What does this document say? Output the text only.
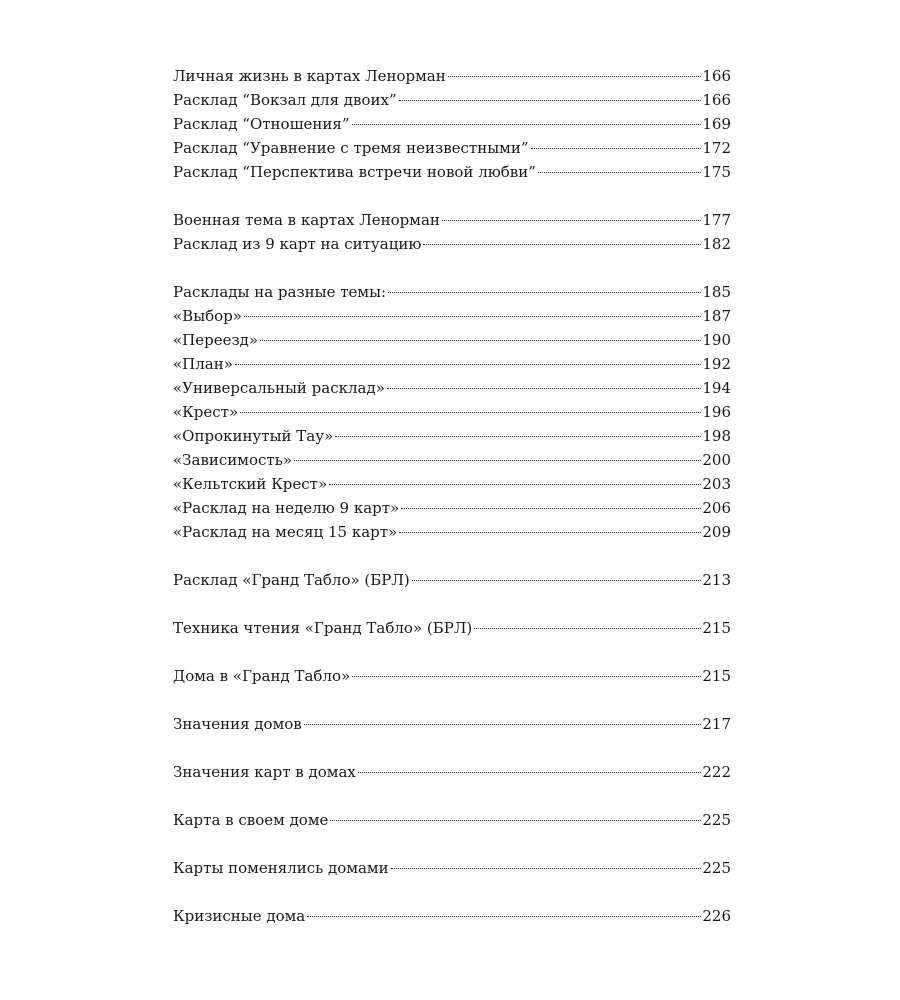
Личная жизнь в картах Ленорман	166
Расклад “Вокзал для двоих”	166
Расклад “Отношения”	169
Расклад “Уравнение с тремя неизвестными”	172
Расклад “Перспектива встречи новой любви”	175
Военная тема в картах Ленорман	177
Расклад из 9 карт на ситуацию	182
Расклады на разные темы:	185
«Выбор»	187
«Переезд»	190
«План»	192
«Универсальный расклад»	194
«Крест»	196
«Опрокинутый Тау»	198
«Зависимость»	200
«Кельтский Крест»	203
«Расклад на неделю 9 карт»	206
«Расклад на месяц 15 карт»	209
Расклад «Гранд Табло» (БРЛ)	213
Техника чтения «Гранд Табло» (БРЛ)	215
Дома в «Гранд Табло»	215
Значения домов	217
Значения карт в домах	222
Карта в своем доме	225
Карты поменялись домами	225
Кризисные дома	226
